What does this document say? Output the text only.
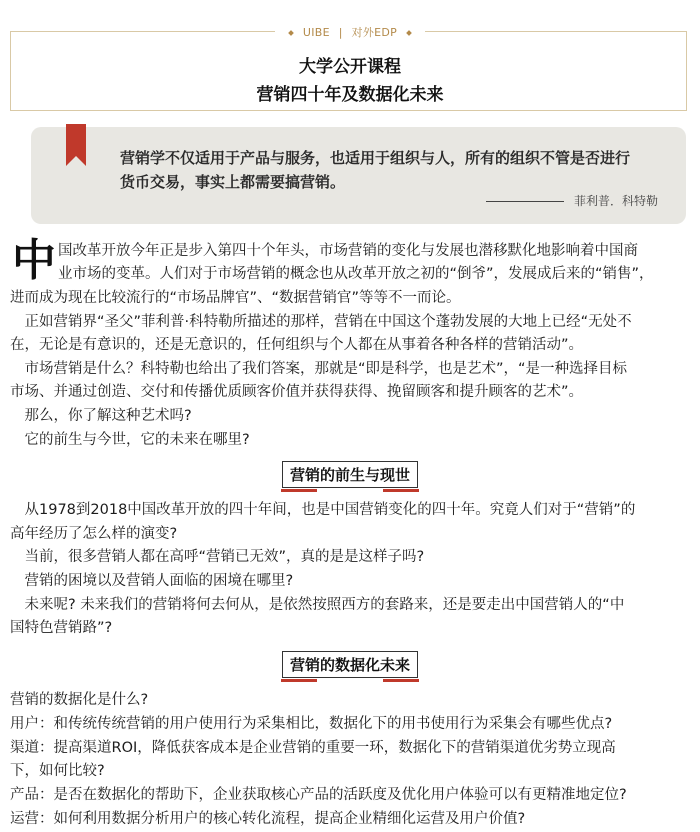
UIBE | 对外EDP
大学公开课程
营销四十年及数据化未来
营销学不仅适用于产品与服务，也适用于组织与人，所有的组织不管是否进行
货币交易，事实上都需要搞营销。
菲利普．科特勒
中 国改革开放今年正是步入第四十个年头，市场营销的变化与发展也潜移默化地影响着中国商
业市场的变革。人们对于市场营销的概念也从改革开放之初的“倒爷”，发展成后来的“销售”，
进而成为现在比较流行的“市场品牌官”、“数据营销官”等等不一而论。
　正如营销界“圣父”菲利普·科特勒所描述的那样，营销在中国这个蓬勃发展的大地上已经“无处不
在，无论是有意识的，还是无意识的，任何组织与个人都在从事着各种各样的营销活动”。
　市场营销是什么？科特勒也给出了我们答案，那就是“即是科学，也是艺术”，“是一种选择目标
市场、并通过创造、交付和传播优质顾客价值并获得获得、挽留顾客和提升顾客的艺术”。
　那么，你了解这种艺术吗?
　它的前生与今世，它的未来在哪里?
营销的前生与现世
　从1978到2018中国改革开放的四十年间，也是中国营销变化的四十年。究竟人们对于“营销”的
高年经历了怎么样的演变?
　当前，很多营销人都在高呼“营销已无效”，真的是是这样子吗?
　营销的困境以及营销人面临的困境在哪里?
　未来呢? 未来我们的营销将何去何从，是依然按照西方的套路来，还是要走出中国营销人的“中
国特色营销路”?
营销的数据化未来
营销的数据化是什么?
用户：和传统传统营销的用户使用行为采集相比，数据化下的用书使用行为采集会有哪些优点?
渠道：提高渠道ROI，降低获客成本是企业营销的重要一环，数据化下的营销渠道优劣势立现高
下，如何比较?
产品：是否在数据化的帮助下，企业获取核心产品的活跃度及优化用户体验可以有更精准地定位?
运营：如何利用数据分析用户的核心转化流程，提高企业精细化运营及用户价值?
